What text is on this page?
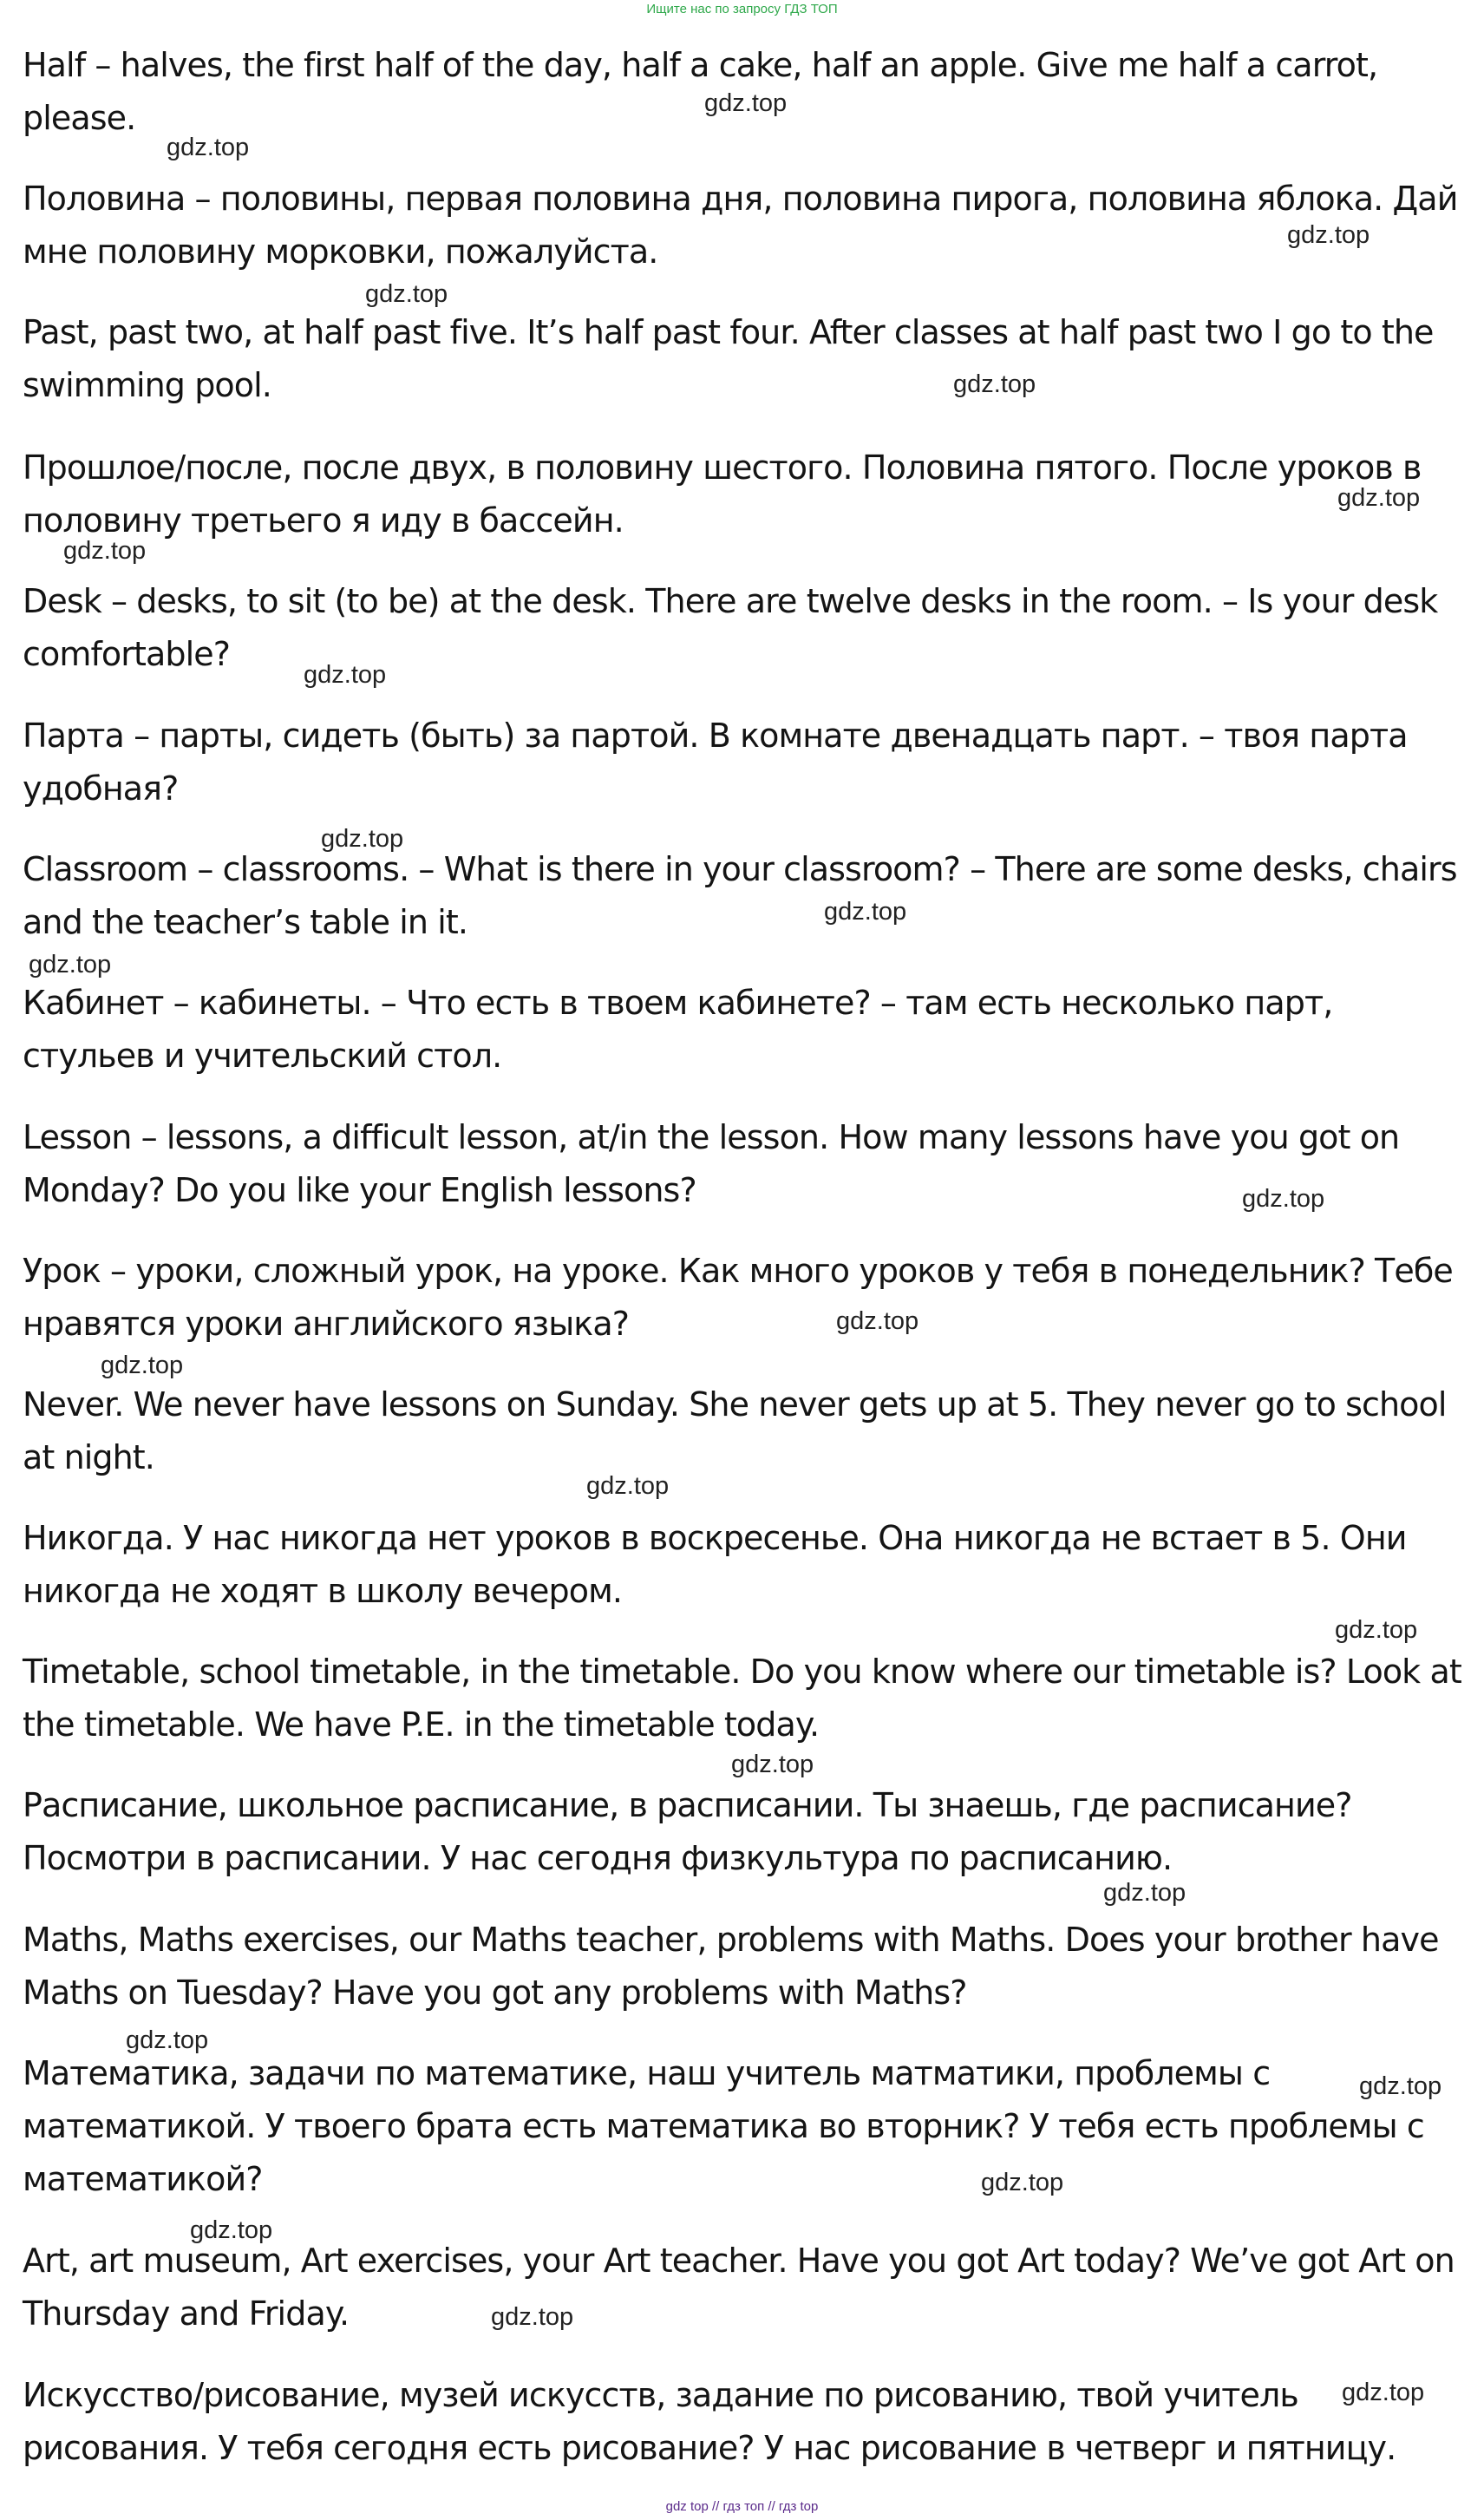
Ищите нас по запросу ГДЗ ТОП

Half – halves, the first half of the day, half a cake, half an apple. Give me half a carrot, please.

Половина – половины, первая половина дня, половина пирога, половина яблока. Дай мне половину морковки, пожалуйста.

Past, past two, at half past five. It’s half past four. After classes at half past two I go to the swimming pool.

Прошлое/после, после двух, в половину шестого. Половина пятого. После уроков в половину третьего я иду в бассейн.

Desk – desks, to sit (to be) at the desk. There are twelve desks in the room. – Is your desk comfortable?

Парта – парты, сидеть (быть) за партой. В комнате двенадцать парт. – твоя парта удобная?

Classroom – classrooms. – What is there in your classroom? – There are some desks, chairs and the teacher’s table in it.

Кабинет – кабинеты. – Что есть в твоем кабинете? – там есть несколько парт, стульев и учительский стол.

Lesson – lessons, a difficult lesson, at/in the lesson. How many lessons have you got on Monday? Do you like your English lessons?

Урок – уроки, сложный урок, на уроке. Как много уроков у тебя в понедельник? Тебе нравятся уроки английского языка?

Never. We never have lessons on Sunday. She never gets up at 5. They never go to school at night.

Никогда. У нас никогда нет уроков в воскресенье. Она никогда не встает в 5. Они никогда не ходят в школу вечером.

Timetable, school timetable, in the timetable. Do you know where our timetable is? Look at the timetable. We have P.E. in the timetable today.

Расписание, школьное расписание, в расписании. Ты знаешь, где расписание? Посмотри в расписании. У нас сегодня физкультура по расписанию.

Maths, Maths exercises, our Maths teacher, problems with Maths. Does your brother have Maths on Tuesday? Have you got any problems with Maths?

Математика, задачи по математике, наш учитель матматики, проблемы с математикой. У твоего брата есть математика во вторник? У тебя есть проблемы с математикой?

Art, art museum, Art exercises, your Art teacher. Have you got Art today? We’ve got Art on Thursday and Friday.

Искусство/рисование, музей искусств, задание по рисованию, твой учитель рисования. У тебя сегодня есть рисование? У нас рисование в четверг и пятницу.

gdz.top
gdz.top
gdz.top
gdz.top
gdz.top
gdz.top
gdz.top
gdz.top
gdz.top
gdz.top
gdz.top
gdz.top
gdz.top
gdz.top
gdz.top
gdz.top
gdz.top
gdz.top
gdz.top
gdz.top
gdz.top
gdz.top
gdz.top
gdz.top
gdz top // гдз топ // гдз top
